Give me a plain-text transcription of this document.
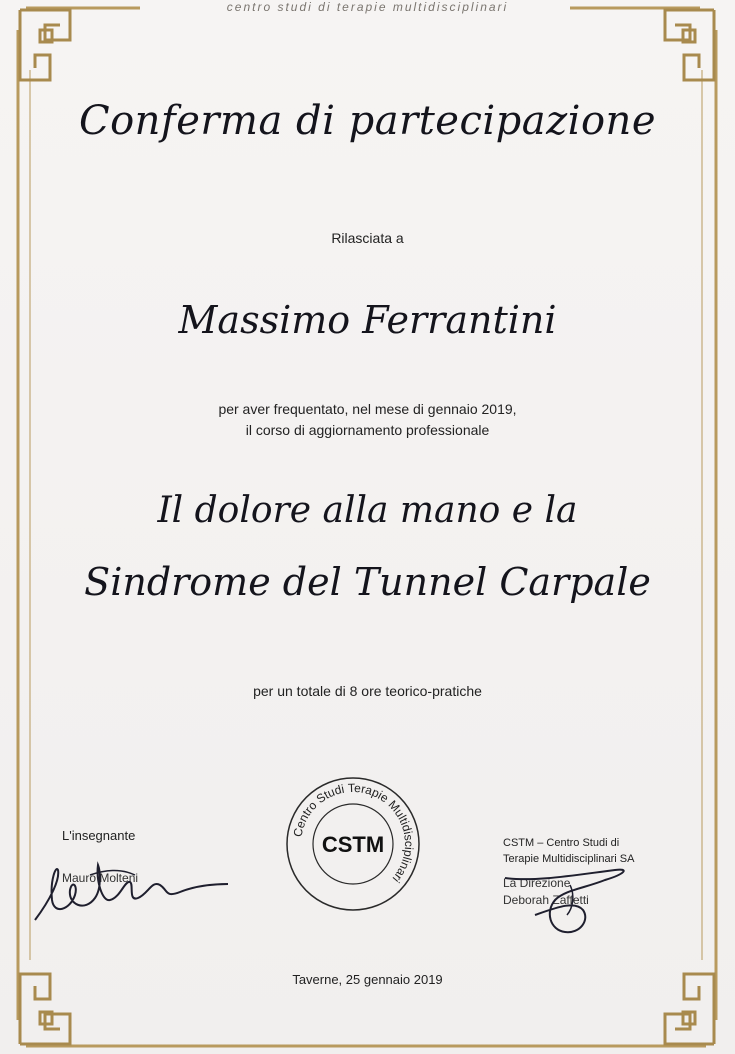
centro studi di terapie multidisciplinari
Conferma di partecipazione
Rilasciata a
Massimo Ferrantini
per aver frequentato, nel mese di gennaio 2019,
il corso di aggiornamento professionale
Il dolore alla mano e la
Sindrome del Tunnel Carpale
per un totale di 8 ore teorico-pratiche
Centro Studi Terapie Multidisciplinari
CSTM
L'insegnante
Mauro Molteni
CSTM – Centro Studi di
Terapie Multidisciplinari SA
La Direzione
Deborah Zaffetti
Taverne, 25 gennaio 2019
